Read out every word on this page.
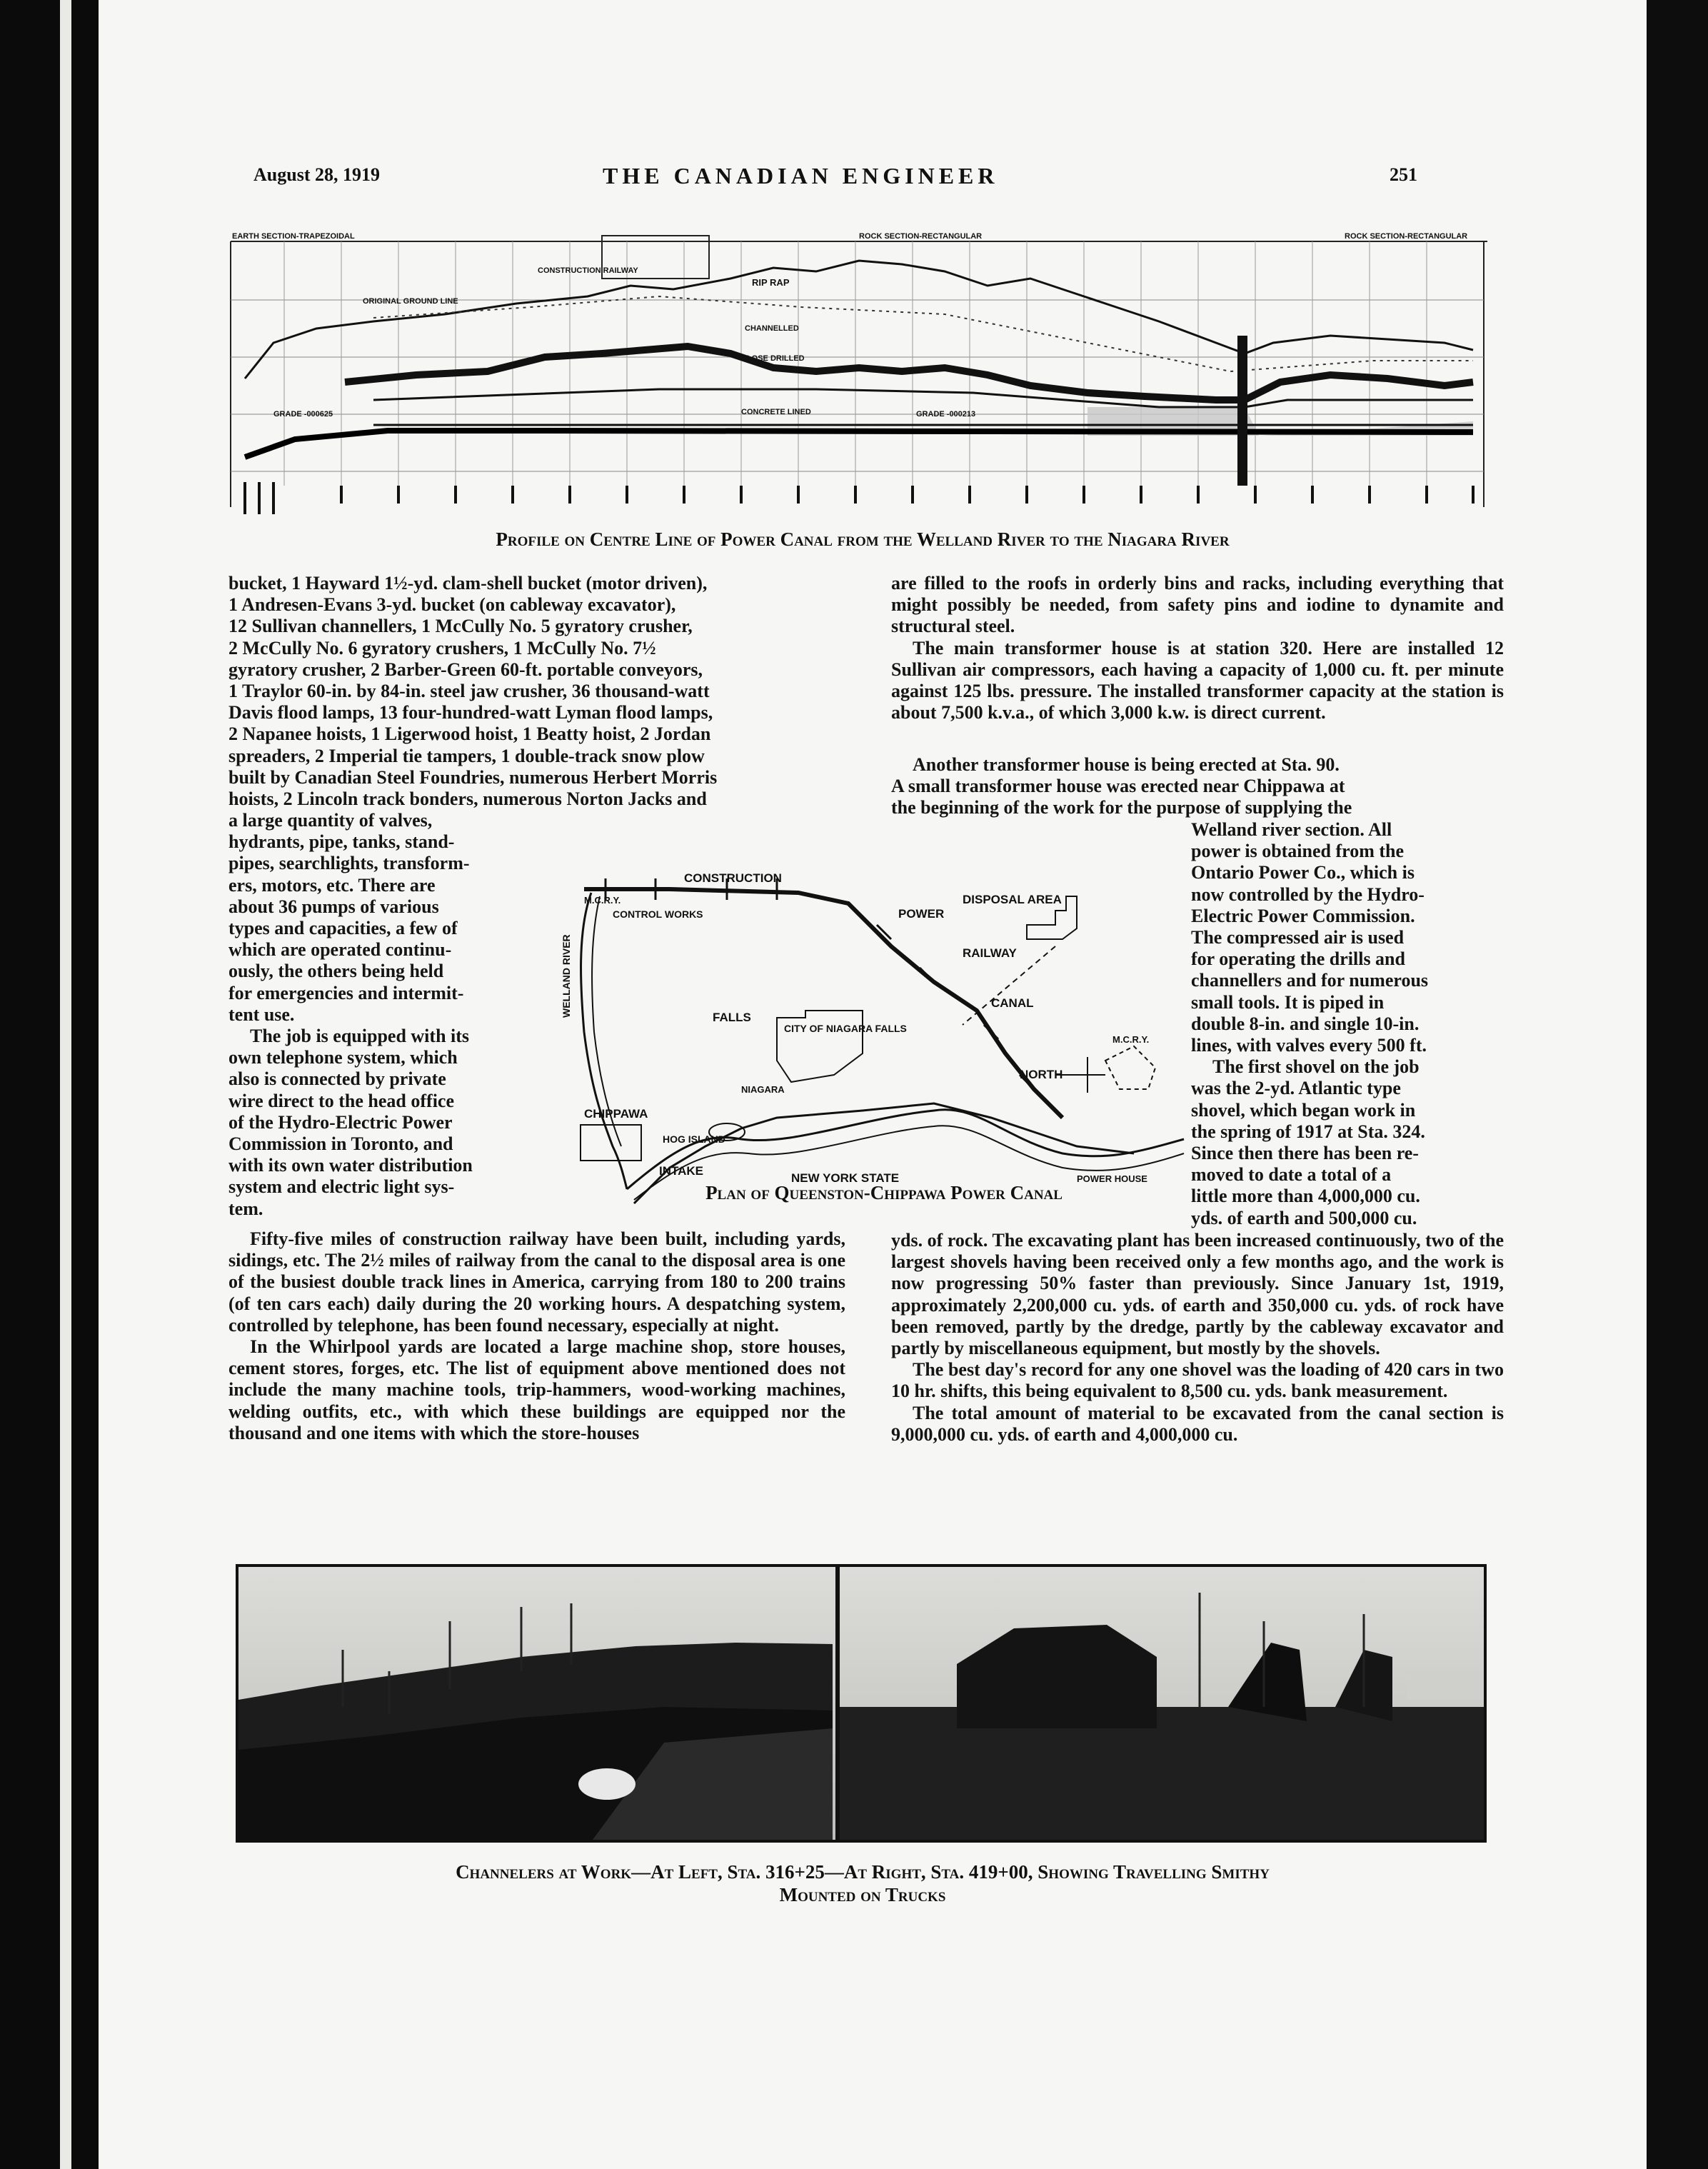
August 28, 1919	THE CANADIAN ENGINEER	251
EARTH SECTION-TRAPEZOIDAL	ROCK SECTION-RECTANGULAR	ROCK SECTION-RECTANGULAR
CONSTRUCTION RAILWAY
ORIGINAL GROUND LINE
RIP RAP
CHANNELLED
CLOSE DRILLED
CONCRETE LINED
GRADE -000625	GRADE -000213
Profile on Centre Line of Power Canal from the Welland River to the Niagara River
bucket, 1 Hayward 1½-yd. clam-shell bucket (motor driven),
1 Andresen-Evans 3-yd. bucket (on cableway excavator),
12 Sullivan channellers, 1 McCully No. 5 gyratory crusher,
2 McCully No. 6 gyratory crushers, 1 McCully No. 7½
gyratory crusher, 2 Barber-Green 60-ft. portable conveyors,
1 Traylor 60-in. by 84-in. steel jaw crusher, 36 thousand-watt
Davis flood lamps, 13 four-hundred-watt Lyman flood lamps,
2 Napanee hoists, 1 Ligerwood hoist, 1 Beatty hoist, 2 Jordan
spreaders, 2 Imperial tie tampers, 1 double-track snow plow
built by Canadian Steel Foundries, numerous Herbert Morris
hoists, 2 Lincoln track bonders, numerous Norton Jacks and
a large quantity of valves,
hydrants, pipe, tanks, stand-
pipes, searchlights, transform-
ers, motors, etc. There are
about 36 pumps of various
types and capacities, a few of
which are operated continu-
ously, the others being held
for emergencies and intermit-
tent use.
The job is equipped with its
own telephone system, which
also is connected by private
wire direct to the head office
of the Hydro-Electric Power
Commission in Toronto, and
with its own water distribution
system and electric light sys-
tem.

Fifty-five miles of construction railway have been built, including yards, sidings, etc. The 2½ miles of railway from the canal to the disposal area is one of the busiest double track lines in America, carrying from 180 to 200 trains (of ten cars each) daily during the 20 working hours. A despatching system, controlled by telephone, has been found necessary, especially at night.

In the Whirlpool yards are located a large machine shop, store houses, cement stores, forges, etc. The list of equipment above mentioned does not include the many machine tools, trip-hammers, wood-working machines, welding outfits, etc., with which these buildings are equipped nor the thousand and one items with which the store-houses

are filled to the roofs in orderly bins and racks, including everything that might possibly be needed, from safety pins and iodine to dynamite and structural steel.

The main transformer house is at station 320. Here are installed 12 Sullivan air compressors, each having a capacity of 1,000 cu. ft. per minute against 125 lbs. pressure. The installed transformer capacity at the station is about 7,500 k.v.a., of which 3,000 k.w. is direct current.

Another transformer house is being erected at Sta. 90.
A small transformer house was erected near Chippawa at
the beginning of the work for the purpose of supplying the
Welland river section. All
power is obtained from the
Ontario Power Co., which is
now controlled by the Hydro-
Electric Power Commission.
The compressed air is used
for operating the drills and
channellers and for numerous
small tools. It is piped in
double 8-in. and single 10-in.
lines, with valves every 500 ft.
The first shovel on the job
was the 2-yd. Atlantic type
shovel, which began work in
the spring of 1917 at Sta. 324.
Since then there has been re-
moved to date a total of a
little more than 4,000,000 cu.
yds. of earth and 500,000 cu.

yds. of rock. The excavating plant has been increased continuously, two of the largest shovels having been received only a few months ago, and the work is now progressing 50% faster than previously. Since January 1st, 1919, approximately 2,200,000 cu. yds. of earth and 350,000 cu. yds. of rock have been removed, partly by the dredge, partly by the cableway excavator and partly by miscellaneous equipment, but mostly by the shovels.

The best day's record for any one shovel was the loading of 420 cars in two 10 hr. shifts, this being equivalent to 8,500 cu. yds. bank measurement.

The total amount of material to be excavated from the canal section is 9,000,000 cu. yds. of earth and 4,000,000 cu.

CONSTRUCTION
POWER
RAILWAY
CANAL
CONTROL WORKS
WELLAND RIVER
DISPOSAL AREA
NORTH
FALLS
CITY OF NIAGARA FALLS
CHIPPAWA
HOG ISLAND
INTAKE
NEW YORK STATE	POWER HOUSE
NIAGARA
M.C.R.Y.
M.C.R.Y.
Plan of Queenston-Chippawa Power Canal
Channelers at Work—At Left, Sta. 316+25—At Right, Sta. 419+00, Showing Travelling Smithy
Mounted on Trucks
